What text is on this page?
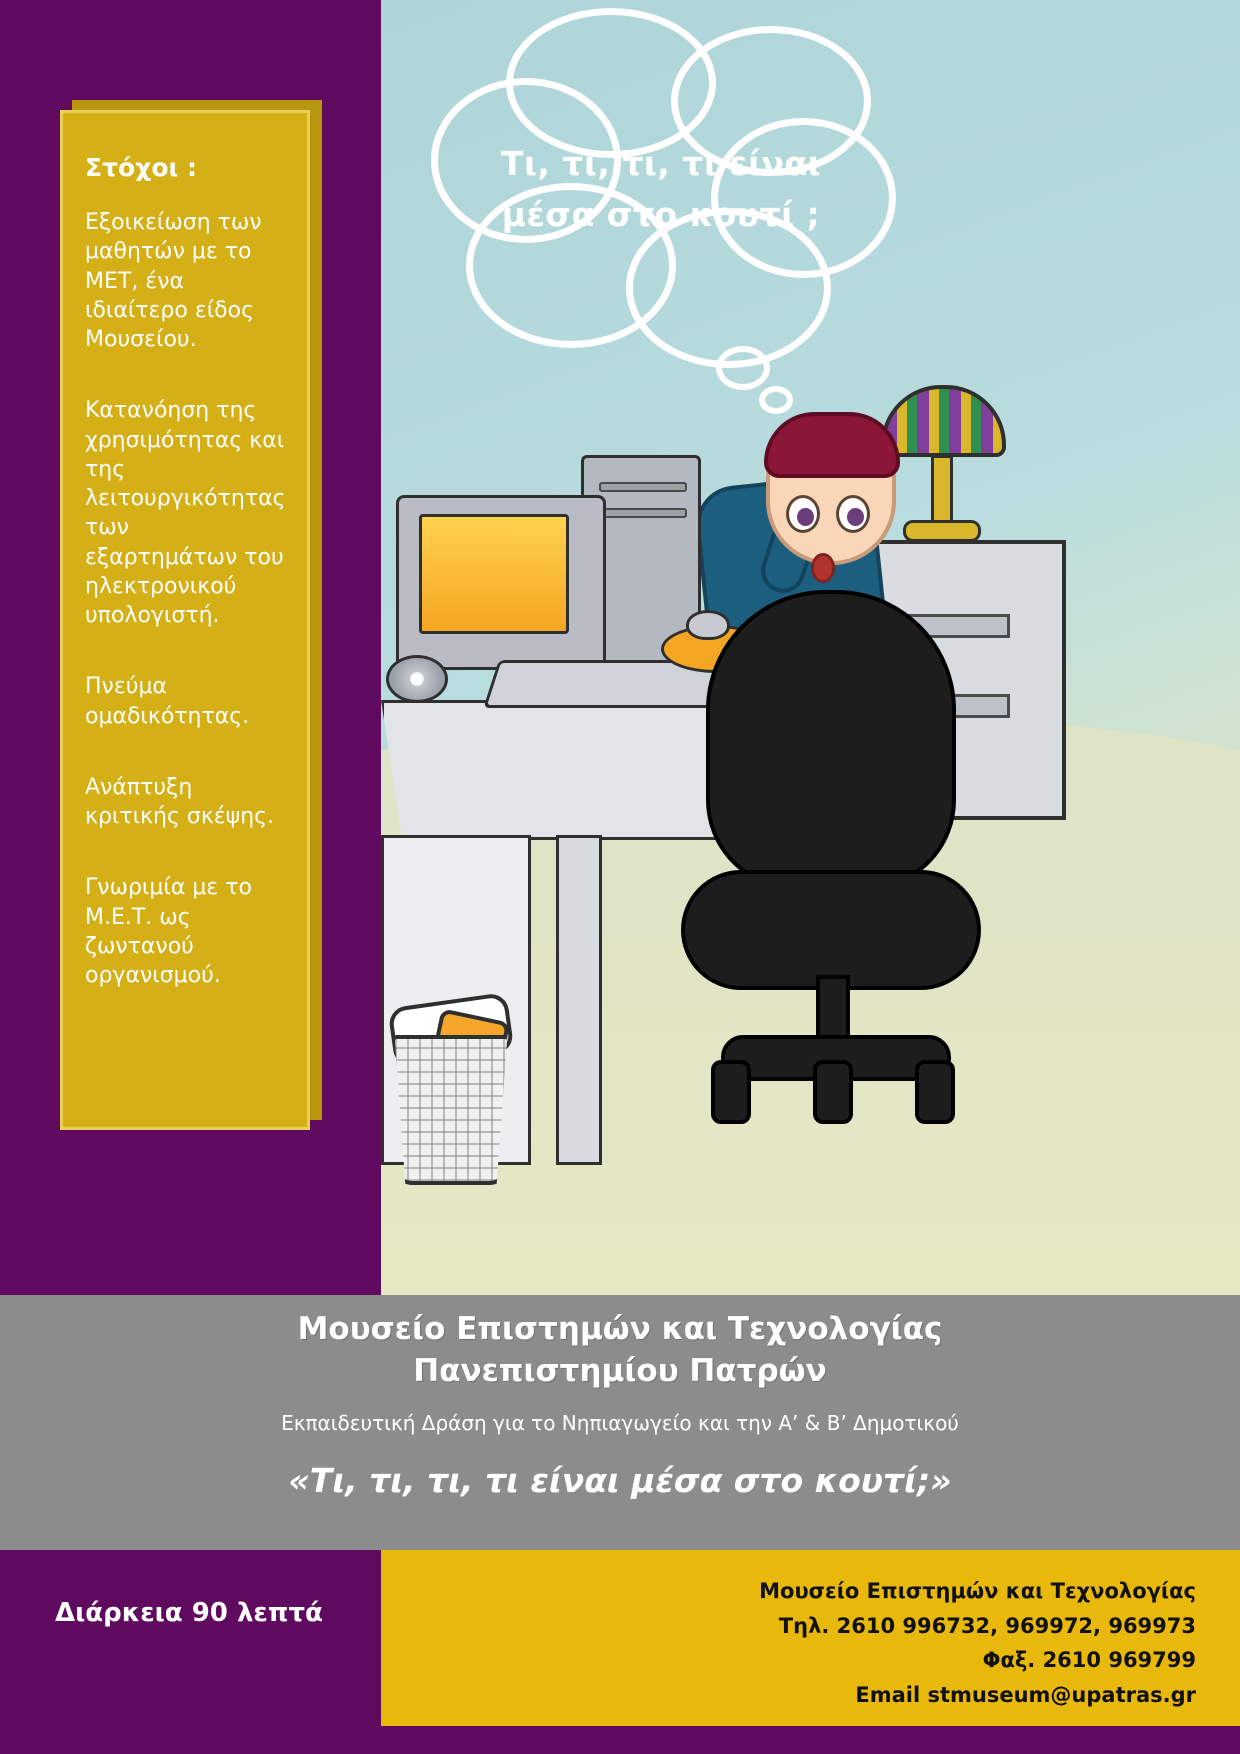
Τι, τι, τι, τι είναι μέσα στο κουτί ;
Στόχοι :
Εξοικείωση των μαθητών με το ΜΕΤ, ένα ιδιαίτερο είδος Μουσείου.
Κατανόηση της χρησιμότητας και της λειτουργικότητας των εξαρτημάτων του ηλεκτρονικού υπολογιστή.
Πνεύμα ομαδικότητας.
Ανάπτυξη κριτικής σκέψης.
Γνωριμία με το Μ.Ε.Τ. ως ζωντανού οργανισμού.
Μουσείο Επιστημών και Τεχνολογίας
Πανεπιστημίου Πατρών
Εκπαιδευτική Δράση για το Νηπιαγωγείο και την Α’ & Β’ Δημοτικού
«Τι, τι, τι, τι είναι μέσα στο κουτί;»
Διάρκεια 90 λεπτά
Μουσείο Επιστημών και Τεχνολογίας
Τηλ. 2610 996732, 969972, 969973
Φαξ. 2610 969799
Email stmuseum@upatras.gr
